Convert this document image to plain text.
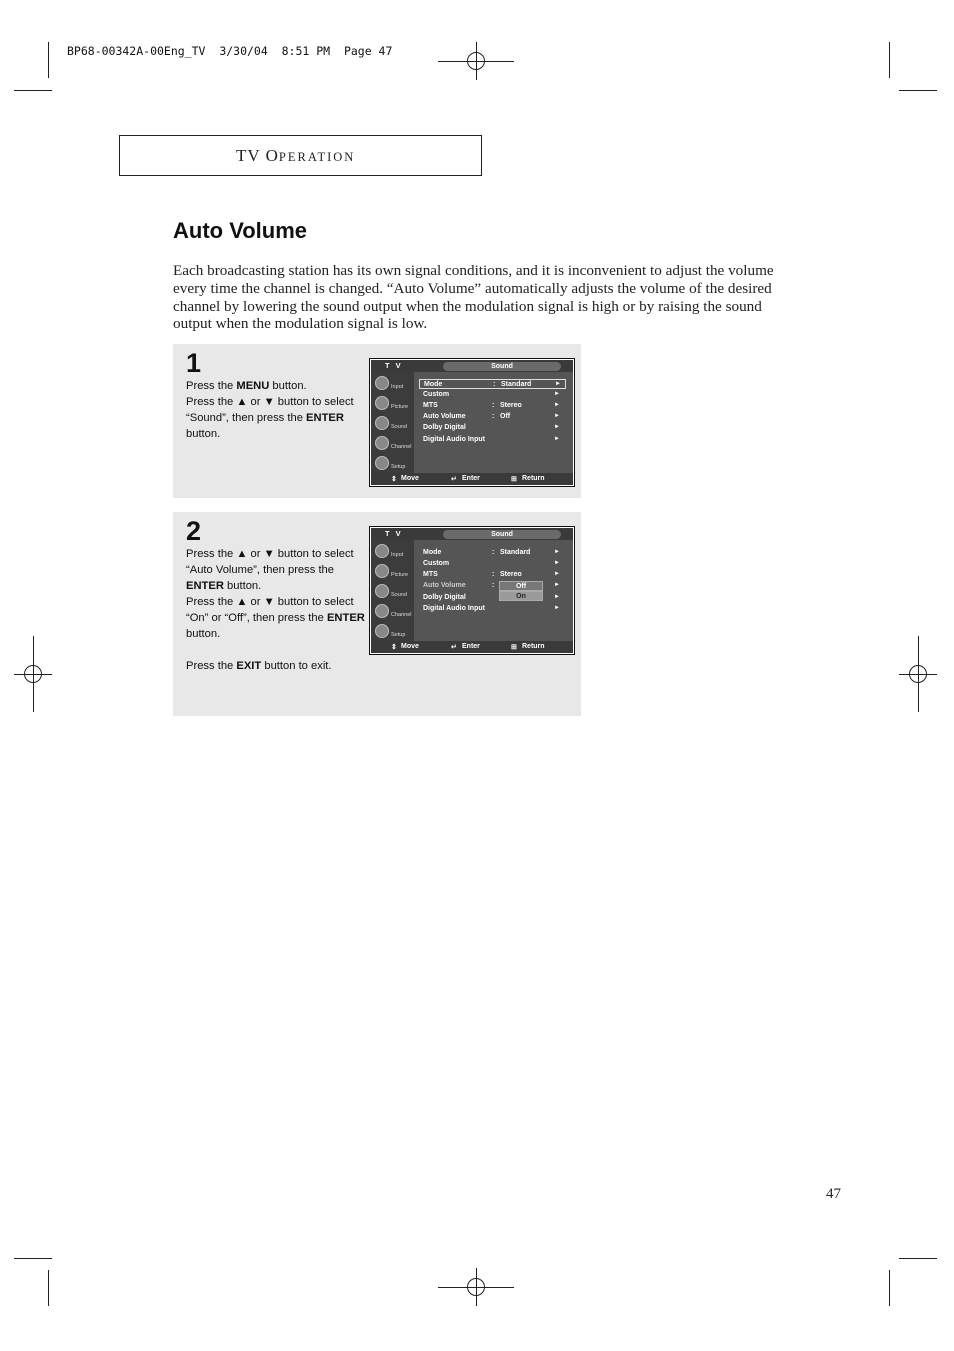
BP68-00342A-00Eng_TV  3/30/04  8:51 PM  Page 47
TV OPERATION
Auto Volume
Each broadcasting station has its own signal conditions, and it is inconvenient to adjust the volume every time the channel is changed. “Auto Volume” automatically adjusts the volume of the desired channel by lowering the sound output when the modulation signal is high or by raising the sound output when the modulation signal is low.
1
Press the MENU button.
Press the ▲ or ▼ button to select “Sound”, then press the ENTER button.
T V	Sound
Input
Picture
Sound
Channel
Setup
Mode	: Standard	►
Custom	►
MTS	: Stereo	►
Auto Volume	: Off	►
Dolby Digital	►
Digital Audio Input	►
⇕ Move	↵ Enter	⊞ Return
2
Press the ▲ or ▼ button to select “Auto Volume”, then press the ENTER button.
Press the ▲ or ▼ button to select “On” or “Off”, then press the ENTER button.

Press the EXIT button to exit.
T V	Sound
Input
Picture
Sound
Channel
Setup
Mode	: Standard	►
Custom	►
MTS	: Stereo	►
Auto Volume	:	►
Dolby Digital	►
Digital Audio Input	►
Off
On
⇕ Move	↵ Enter	⊞ Return
47
